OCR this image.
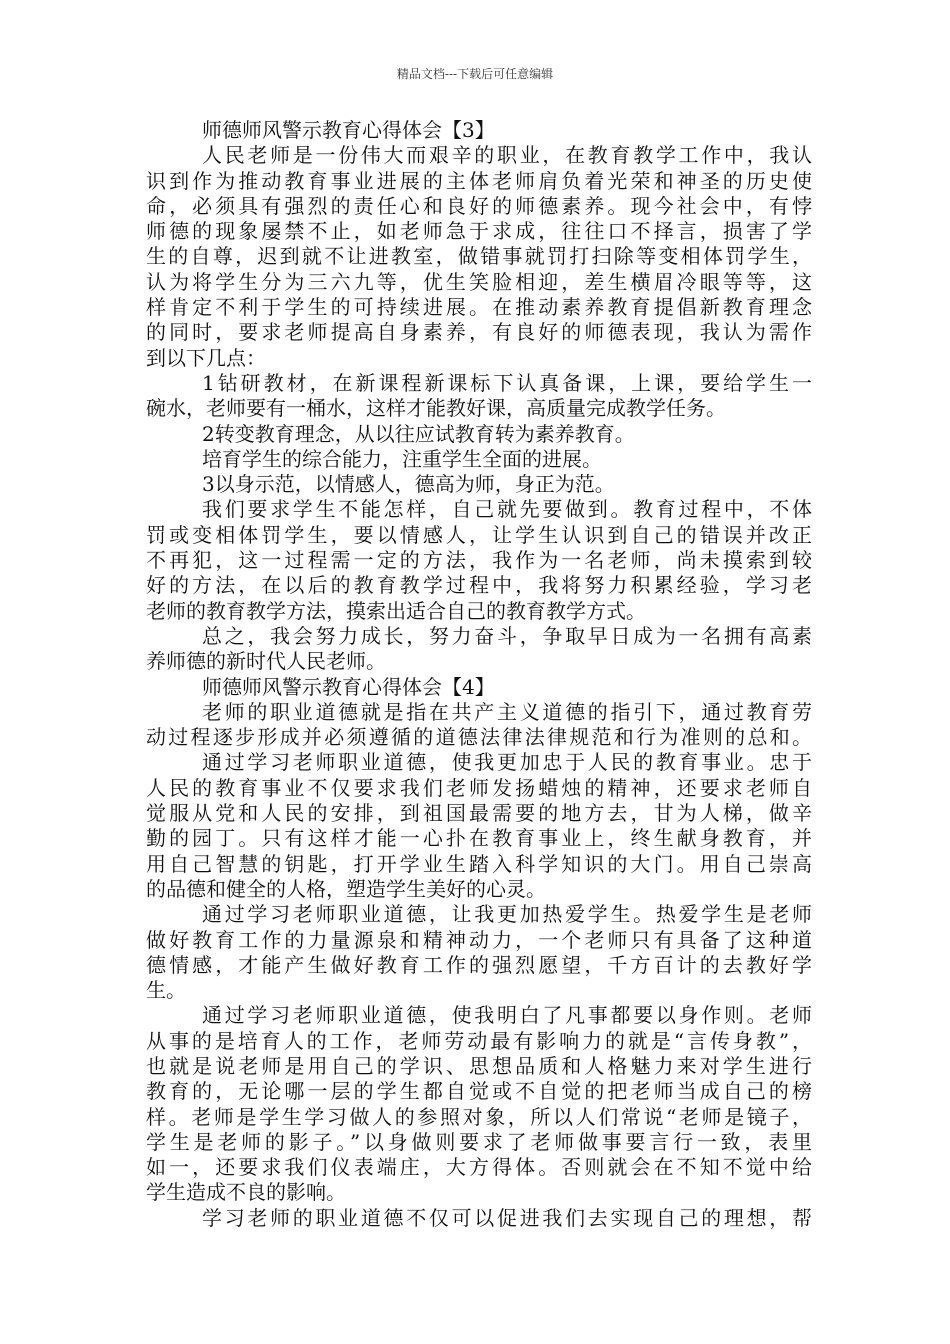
精品文档---下载后可任意编辑
师德师风警示教育心得体会【3】
人民老师是一份伟大而艰辛的职业，在教育教学工作中，我认
识到作为推动教育事业进展的主体老师肩负着光荣和神圣的历史使
命，必须具有强烈的责任心和良好的师德素养。现今社会中，有悖
师德的现象屡禁不止，如老师急于求成，往往口不择言，损害了学
生的自尊，迟到就不让进教室，做错事就罚打扫除等变相体罚学生，
认为将学生分为三六九等，优生笑脸相迎，差生横眉冷眼等等，这
样肯定不利于学生的可持续进展。在推动素养教育提倡新教育理念
的同时，要求老师提高自身素养，有良好的师德表现，我认为需作
到以下几点：
1钻研教材，在新课程新课标下认真备课，上课，要给学生一
碗水，老师要有一桶水，这样才能教好课，高质量完成教学任务。
2转变教育理念，从以往应试教育转为素养教育。
培育学生的综合能力，注重学生全面的进展。
3以身示范，以情感人，德高为师，身正为范。
我们要求学生不能怎样，自己就先要做到。教育过程中，不体
罚或变相体罚学生，要以情感人，让学生认识到自己的错误并改正
不再犯，这一过程需一定的方法，我作为一名老师，尚未摸索到较
好的方法，在以后的教育教学过程中，我将努力积累经验，学习老
老师的教育教学方法，摸索出适合自己的教育教学方式。
总之，我会努力成长，努力奋斗，争取早日成为一名拥有高素
养师德的新时代人民老师。
师德师风警示教育心得体会【4】
老师的职业道德就是指在共产主义道德的指引下，通过教育劳
动过程逐步形成并必须遵循的道德法律法律规范和行为准则的总和。
通过学习老师职业道德，使我更加忠于人民的教育事业。忠于
人民的教育事业不仅要求我们老师发扬蜡烛的精神，还要求老师自
觉服从党和人民的安排，到祖国最需要的地方去，甘为人梯，做辛
勤的园丁。只有这样才能一心扑在教育事业上，终生献身教育，并
用自己智慧的钥匙，打开学业生踏入科学知识的大门。用自己崇高
的品德和健全的人格，塑造学生美好的心灵。
通过学习老师职业道德，让我更加热爱学生。热爱学生是老师
做好教育工作的力量源泉和精神动力，一个老师只有具备了这种道
德情感，才能产生做好教育工作的强烈愿望，千方百计的去教好学
生。
通过学习老师职业道德，使我明白了凡事都要以身作则。老师
从事的是培育人的工作，老师劳动最有影响力的就是“言传身教”，
也就是说老师是用自己的学识、思想品质和人格魅力来对学生进行
教育的，无论哪一层的学生都自觉或不自觉的把老师当成自己的榜
样。老师是学生学习做人的参照对象，所以人们常说“老师是镜子，
学生是老师的影子。”以身做则要求了老师做事要言行一致，表里
如一，还要求我们仪表端庄，大方得体。否则就会在不知不觉中给
学生造成不良的影响。
学习老师的职业道德不仅可以促进我们去实现自己的理想，帮
